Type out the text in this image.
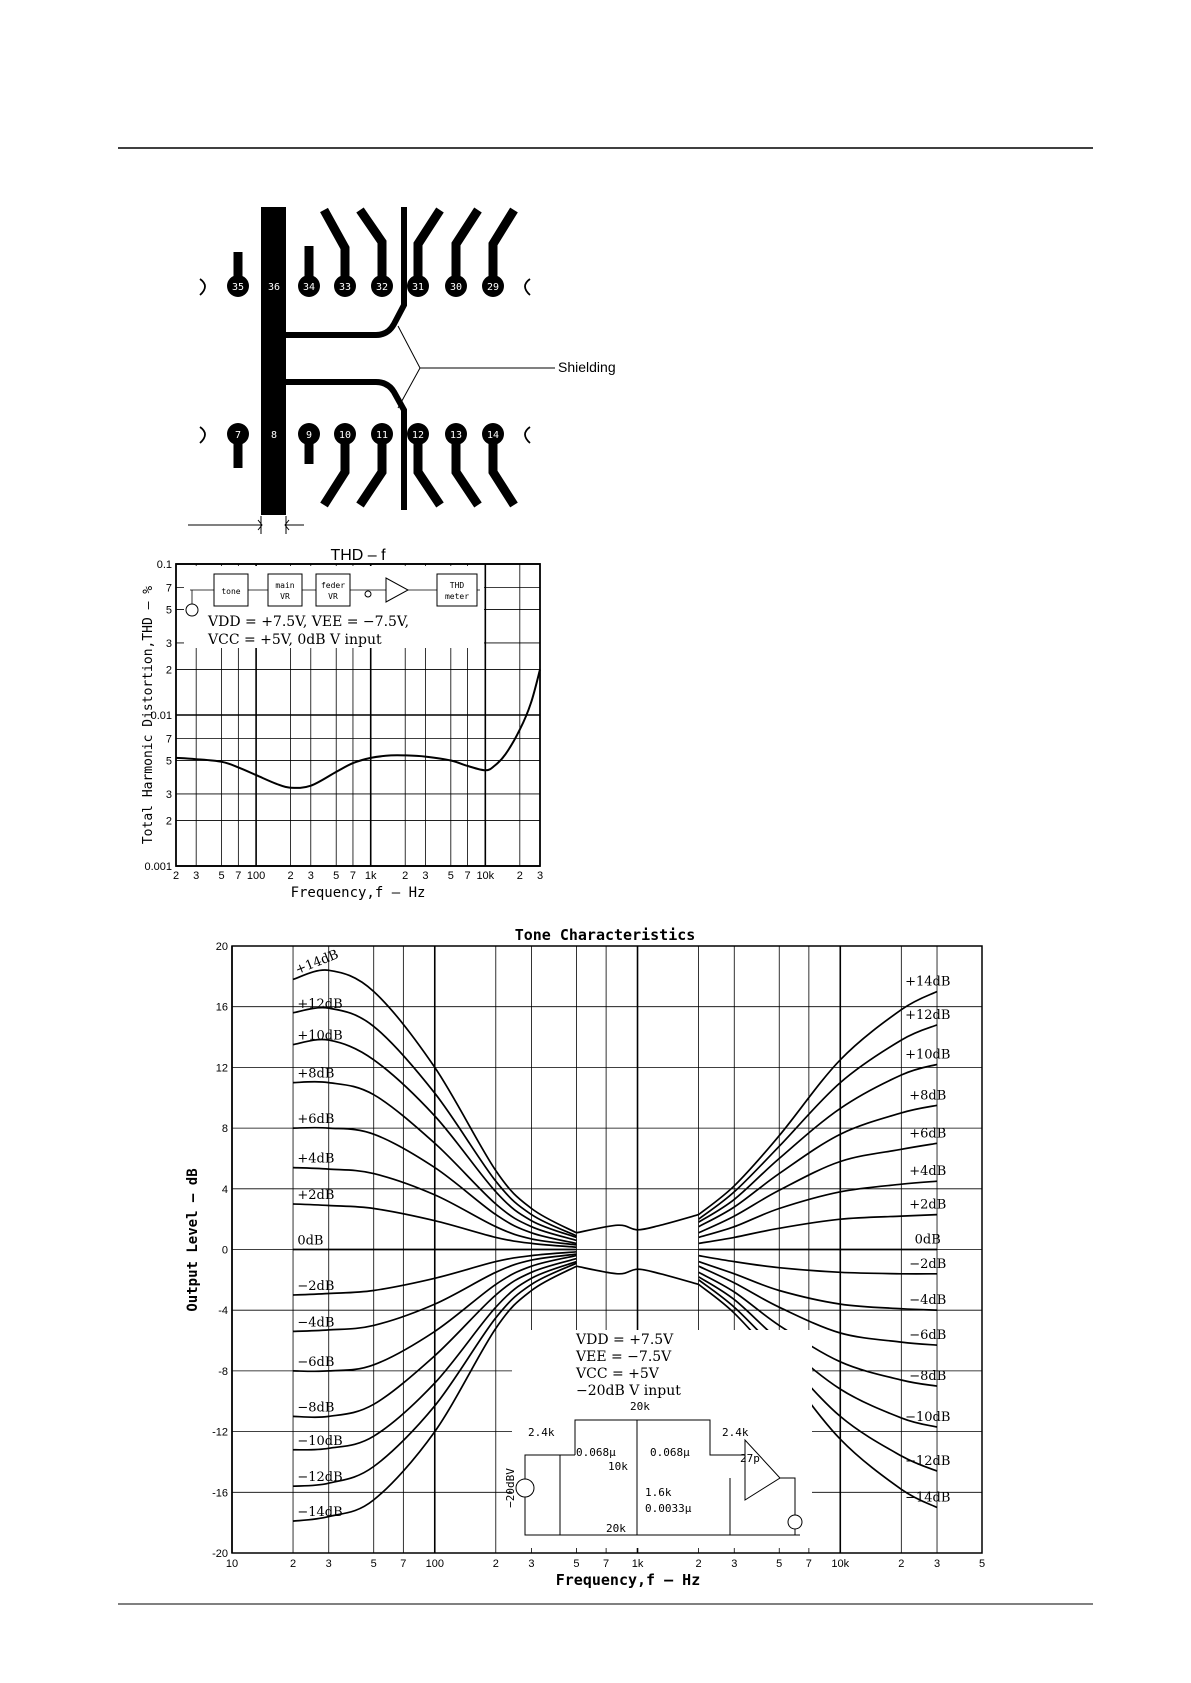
35 36 34 33 32 31	30 29
7	8	9	10 11 12	13 14
Shielding
2 3 5 7 100 2 3 5 7 1k 2 3 5 7 10k 2 3
0.1
7
5
3
2
0.01
7
5
3
2
0.001
THD – f
Frequency,f – Hz
Total Harmonic Distortion,THD – %	tone
main
VR
feder
VR
THD
meter
VDD = +7.5V, VEE = −7.5V,
VCC = +5V, 0dB V input
10	2	3	5 7 100	2	3	5 7 1k	2	3	5 7 10k	2	3	5
20
16
12
8
4
0
-4
-8
-12
-16
-20
Tone Characteristics
Frequency,f – Hz
Output Level – dB
+14dB
+12dB
+10dB
+8dB
+6dB
+4dB
+2dB
0dB
−2dB
−4dB
−6dB
−8dB
−10dB
−12dB
−14dB
+14dB
+12dB
+10dB
+8dB
+6dB
+4dB
+2dB
0dB
−2dB
−4dB
−6dB
−8dB
−10dB
−12dB
−14dB
VDD = +7.5V
VEE = −7.5V
VCC = +5V
−20dB V input
20k
2.4k	2.4k
0.068μ	0.068μ
10k
27p
1.6k
0.0033μ
20k
−20dBV
